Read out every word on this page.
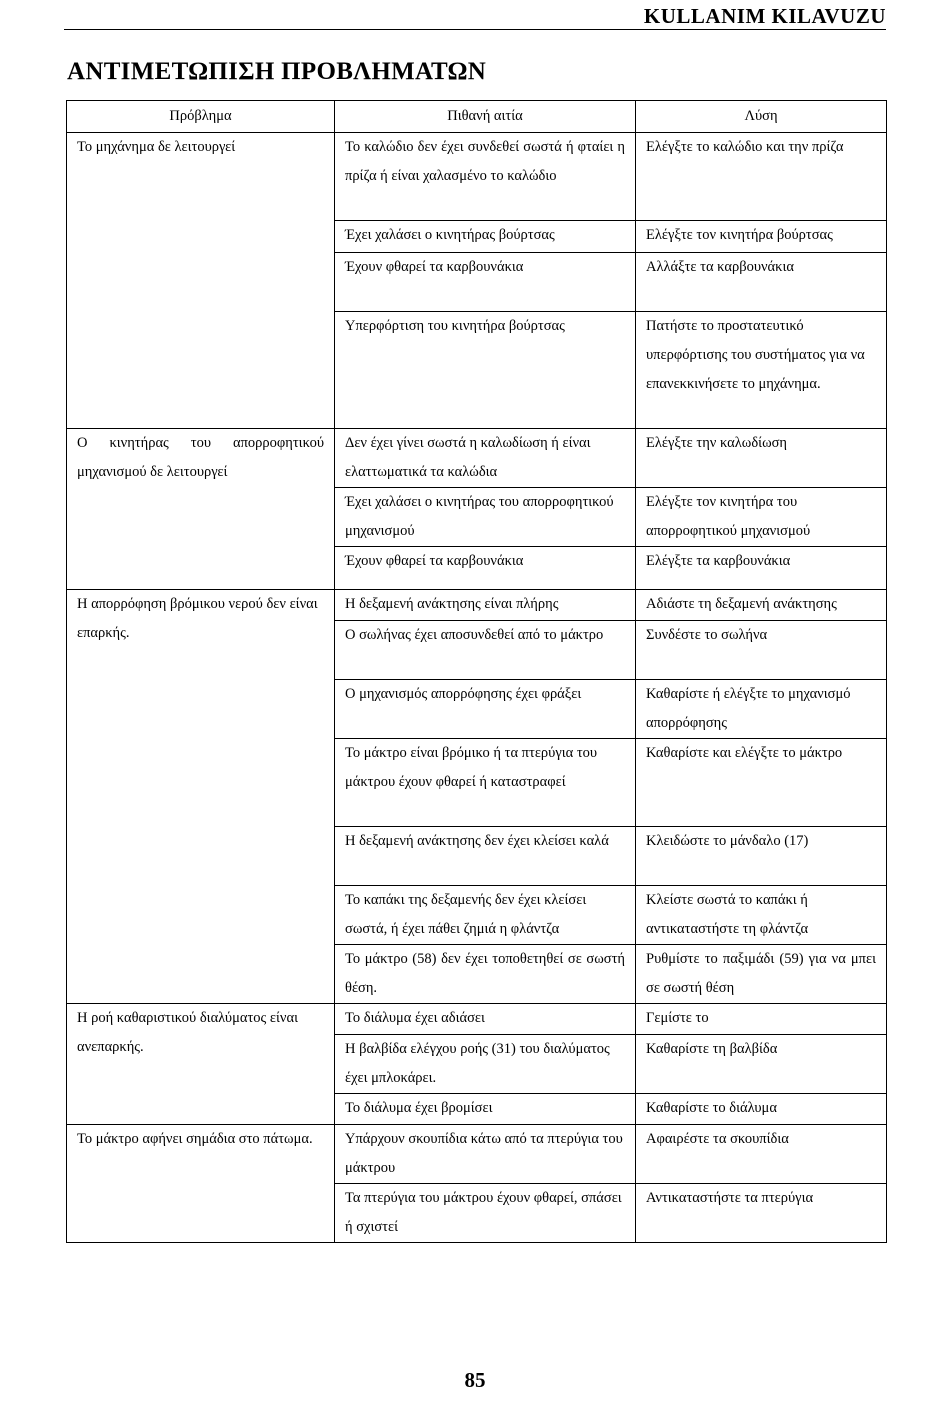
KULLANIM KILAVUZU
ΑΝΤΙΜΕΤΩΠΙΣΗ ΠΡΟΒΛΗΜΑΤΩΝ
Πρόβλημα	Πιθανή αιτία	Λύση
Το μηχάνημα δε λειτουργεί	Το καλώδιο δεν έχει συνδεθεί σωστά ή φταίει η πρίζα ή είναι χαλασμένο το καλώδιο	Ελέγξτε το καλώδιο και την πρίζα
	Έχει χαλάσει ο κινητήρας βούρτσας	Ελέγξτε τον κινητήρα βούρτσας
	Έχουν φθαρεί τα καρβουνάκια	Αλλάξτε τα καρβουνάκια
	Υπερφόρτιση του κινητήρα βούρτσας	Πατήστε το προστατευτικό υπερφόρτισης του συστήματος για να επανεκκινήσετε το μηχάνημα.
Ο κινητήρας του απορροφητικού μηχανισμού δε λειτουργεί	Δεν έχει γίνει σωστά η καλωδίωση ή είναι ελαττωματικά τα καλώδια	Ελέγξτε την καλωδίωση
	Έχει χαλάσει ο κινητήρας του απορροφητικού μηχανισμού	Ελέγξτε τον κινητήρα του απορροφητικού μηχανισμού
	Έχουν φθαρεί τα καρβουνάκια	Ελέγξτε τα καρβουνάκια
Η απορρόφηση βρόμικου νερού δεν είναι επαρκής.	Η δεξαμενή ανάκτησης είναι πλήρης	Αδιάστε τη δεξαμενή ανάκτησης
	Ο σωλήνας έχει αποσυνδεθεί από το μάκτρο	Συνδέστε το σωλήνα
	Ο μηχανισμός απορρόφησης έχει φράξει	Καθαρίστε ή ελέγξτε το μηχανισμό απορρόφησης
	Το μάκτρο είναι βρόμικο ή τα πτερύγια του μάκτρου έχουν φθαρεί ή καταστραφεί	Καθαρίστε και ελέγξτε το μάκτρο
	Η δεξαμενή ανάκτησης δεν έχει κλείσει καλά	Κλειδώστε το μάνδαλο (17)
	Το καπάκι της δεξαμενής δεν έχει κλείσει σωστά, ή έχει πάθει ζημιά η φλάντζα	Κλείστε σωστά το καπάκι ή αντικαταστήστε τη φλάντζα
	Το μάκτρο (58) δεν έχει τοποθετηθεί σε σωστή θέση.	Ρυθμίστε το παξιμάδι (59) για να μπει σε σωστή θέση
Η ροή καθαριστικού διαλύματος είναι ανεπαρκής.	Το διάλυμα έχει αδιάσει	Γεμίστε το
	Η βαλβίδα ελέγχου ροής (31) του διαλύματος έχει μπλοκάρει.	Καθαρίστε τη βαλβίδα
	Το διάλυμα έχει βρομίσει	Καθαρίστε το διάλυμα
Το μάκτρο αφήνει σημάδια στο πάτωμα.	Υπάρχουν σκουπίδια κάτω από τα πτερύγια του μάκτρου	Αφαιρέστε τα σκουπίδια
	Τα πτερύγια του μάκτρου έχουν φθαρεί, σπάσει ή σχιστεί	Αντικαταστήστε τα πτερύγια
85
